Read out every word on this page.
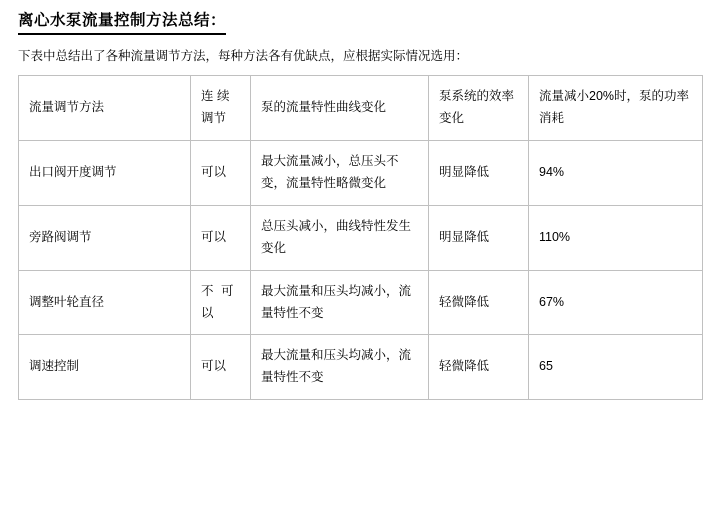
离心水泵流量控制方法总结：
下表中总结出了各种流量调节方法，每种方法各有优缺点，应根据实际情况选用：
流量调节方法	连 续 调节	泵的流量特性曲线变化	泵系统的效率变化	流量减小20%时，泵的功率消耗
出口阀开度调节	可以	最大流量减小，总压头不变，流量特性略微变化	明显降低	94%
旁路阀调节	可以	总压头减小，曲线特性发生变化	明显降低	110%
调整叶轮直径	不 可 以	最大流量和压头均减小，流量特性不变	轻微降低	67%
调速控制	可以	最大流量和压头均减小，流量特性不变	轻微降低	65
